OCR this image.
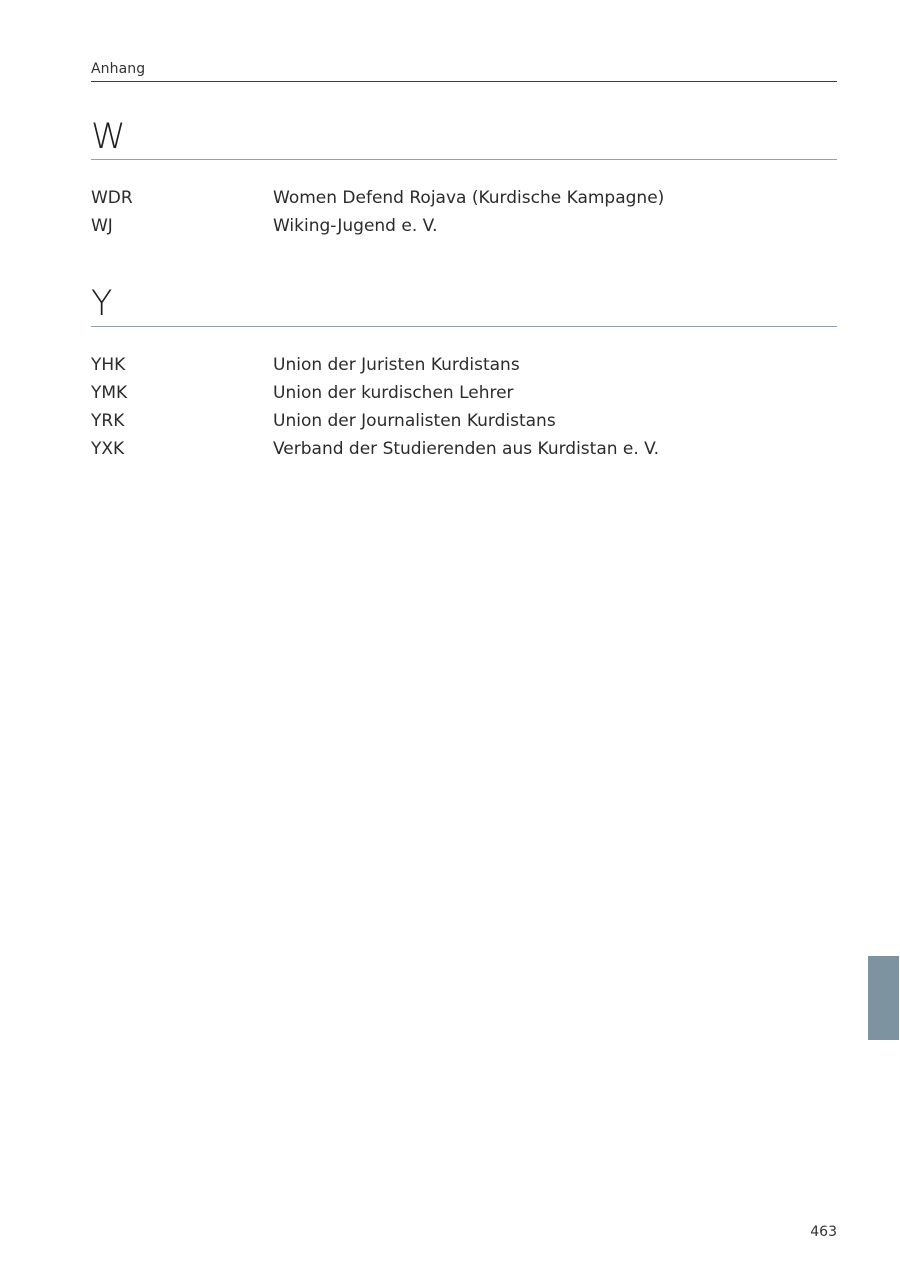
Anhang
W
WDR	Women Defend Rojava (Kurdische Kampagne)
WJ	Wiking-Jugend e. V.
Y
YHK	Union der Juristen Kurdistans
YMK	Union der kurdischen Lehrer
YRK	Union der Journalisten Kurdistans
YXK	Verband der Studierenden aus Kurdistan e. V.
463
